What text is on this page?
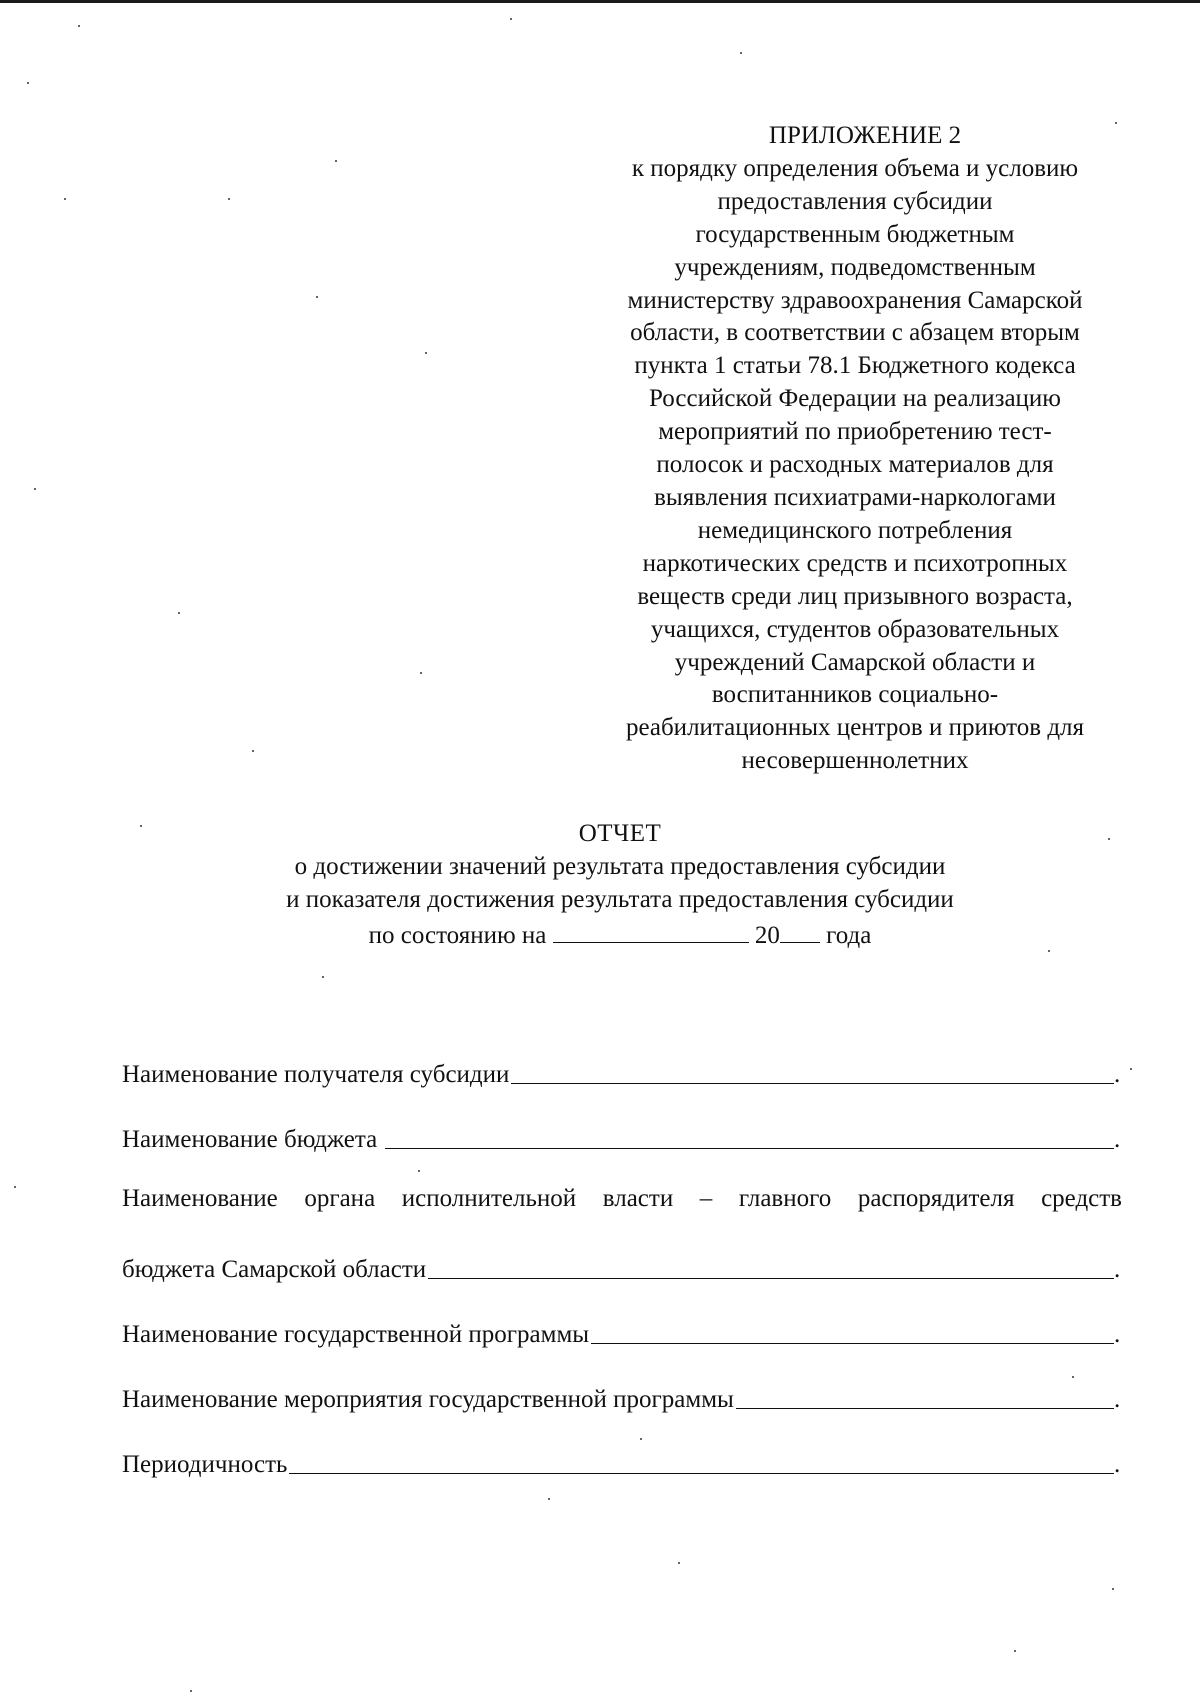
ПРИЛОЖЕНИЕ 2
к порядку определения объема и условию
предоставления субсидии
государственным бюджетным
учреждениям, подведомственным
министерству здравоохранения Самарской
области, в соответствии с абзацем вторым
пункта 1 статьи 78.1 Бюджетного кодекса
Российской Федерации на реализацию
мероприятий по приобретению тест-
полосок и расходных материалов для
выявления психиатрами-наркологами
немедицинского потребления
наркотических средств и психотропных
веществ среди лиц призывного возраста,
учащихся, студентов образовательных
учреждений Самарской области и
воспитанников социально-
реабилитационных центров и приютов для
несовершеннолетних
ОТЧЕТ
о достижении значений результата предоставления субсидии
и показателя достижения результата предоставления субсидии
по состоянию на	20 года
Наименование получателя субсидии	.
Наименование бюджета	.
Наименование органа исполнительной власти – главного распорядителя средств
бюджета Самарской области	.
Наименование государственной программы	.
Наименование мероприятия государственной программы	.
Периодичность	.
